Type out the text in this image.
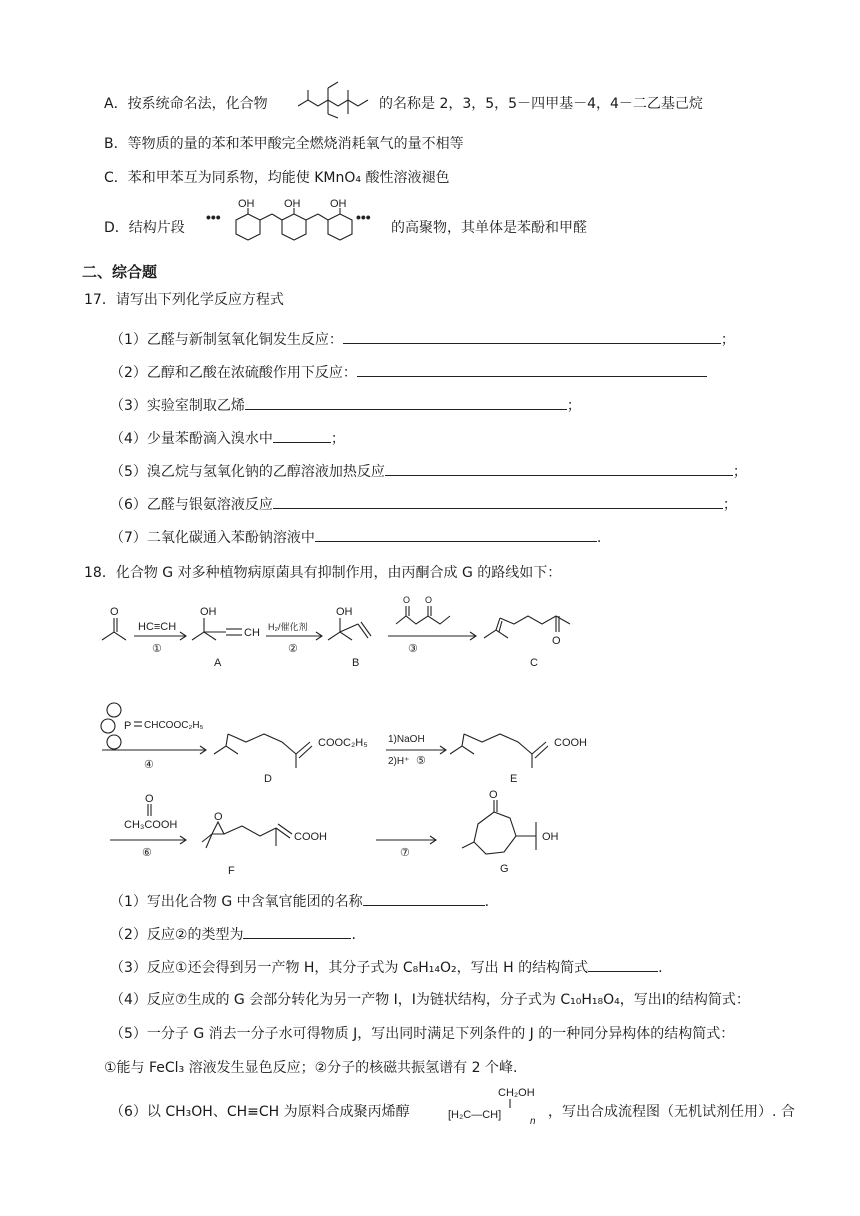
A．按系统命名法，化合物	的名称是 2，3，5，5－四甲基－4，4－二乙基己烷
B．等物质的量的苯和苯甲酸完全燃烧消耗氧气的量不相等
C．苯和甲苯互为同系物，均能使 KMnO₄ 酸性溶液褪色
D．结构片段
•••
OH	OH	OH
•••
的高聚物，其单体是苯酚和甲醛
二、综合题
17．请写出下列化学反应方程式
（1）乙醛与新制氢氧化铜发生反应：	；
（2）乙醇和乙酸在浓硫酸作用下反应：
（3）实验室制取乙烯	；
（4）少量苯酚滴入溴水中	；
（5）溴乙烷与氢氧化钠的乙醇溶液加热反应	；
（6）乙醛与银氨溶液反应	；
（7）二氧化碳通入苯酚钠溶液中	.
18．化合物 G 对多种植物病原菌具有抑制作用，由丙酮合成 G 的路线如下：
O
HC≡CH
①
OH
CH
A
H₂/催化剂
②
OH
B
O O
③
O
C
P CHCOOC₂H₅
④
COOC₂H₅
D
1)NaOH
2)H⁺ ⑤
COOH
E
O
CH₃COOH
⑥
O
COOH
F
⑦
O
OH
G
（1）写出化合物 G 中含氧官能团的名称	.
（2）反应②的类型为	.
（3）反应①还会得到另一产物 H，其分子式为 C₈H₁₄O₂，写出 H 的结构简式	.
（4）反应⑦生成的 G 会部分转化为另一产物 I，I为链状结构，分子式为 C₁₀H₁₈O₄，写出I的结构简式：
（5）一分子 G 消去一分子水可得物质 J，写出同时满足下列条件的 J 的一种同分异构体的结构简式：
①能与 FeCl₃ 溶液发生显色反应；②分子的核磁共振氢谱有 2 个峰.
（6）以 CH₃OH、CH≡CH 为原料合成聚丙烯醇
CH₂OH
[H₂C—CH]
n
，写出合成流程图（无机试剂任用）. 合
